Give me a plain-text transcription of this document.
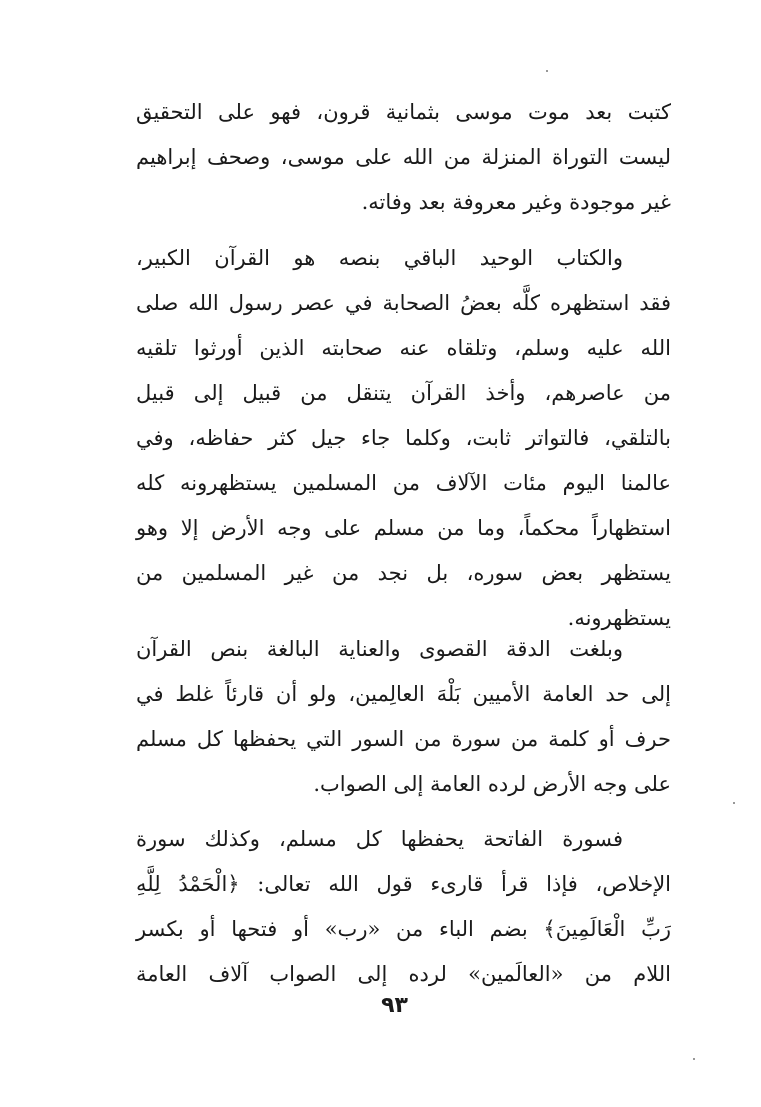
كتبت بعد موت موسى بثمانية قرون، فهو على التحقيق
ليست التوراة المنزلة من الله على موسى، وصحف إبراهيم
غير موجودة وغير معروفة بعد وفاته.
والكتاب الوحيد الباقي بنصه هو القرآن الكبير،
فقد استظهره كلَّه بعضُ الصحابة في عصر رسول الله صلى
الله عليه وسلم، وتلقاه عنه صحابته الذين أورثوا تلقيه
من عاصرهم، وأخذ القرآن يتنقل من قبيل إلى قبيل
بالتلقي، فالتواتر ثابت، وكلما جاء جيل كثر حفاظه، وفي
عالمنا اليوم مئات الآلاف من المسلمين يستظهرونه كله
استظهاراً محكماً، وما من مسلم على وجه الأرض إلا وهو
يستظهر بعض سوره، بل نجد من غير المسلمين من
يستظهرونه.
وبلغت الدقة القصوى والعناية البالغة بنص القرآن
إلى حد العامة الأميين بَلْهَ العالِمين، ولو أن قارئاً غلط في
حرف أو كلمة من سورة من السور التي يحفظها كل مسلم
على وجه الأرض لرده العامة إلى الصواب.
فسورة الفاتحة يحفظها كل مسلم، وكذلك سورة
الإخلاص، فإذا قرأ قارىء قول الله تعالى: ﴿الْحَمْدُ لِلَّهِ
رَبِّ الْعَالَمِينَ﴾ بضم الباء من «رب» أو فتحها أو بكسر
اللام من «العالَمين» لرده إلى الصواب آلاف العامة
٩٣
